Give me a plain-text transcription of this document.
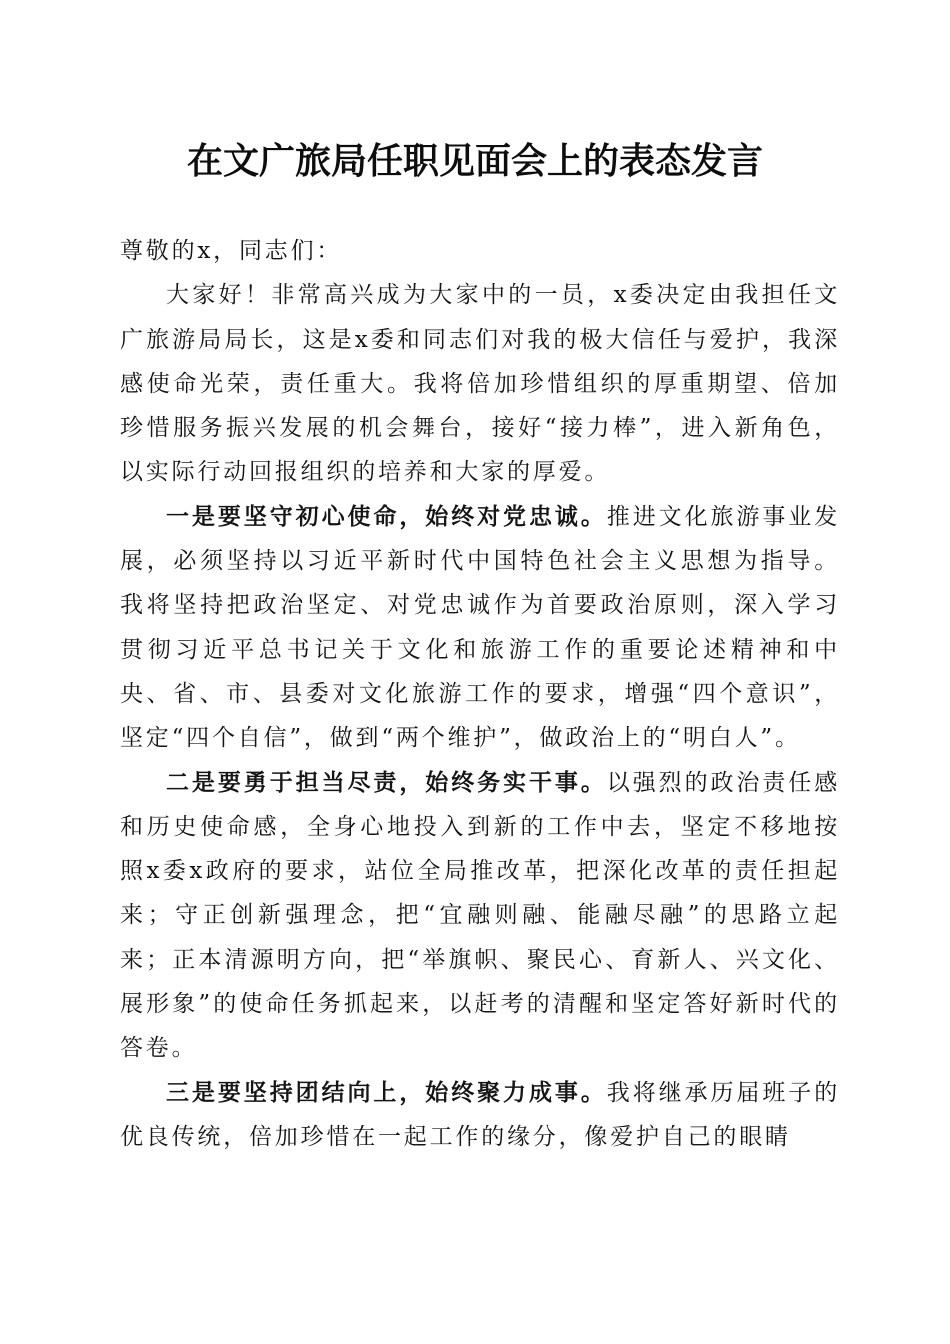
在文广旅局任职见面会上的表态发言

尊敬的x，同志们：

大家好！非常高兴成为大家中的一员，x委决定由我担任文广旅游局局长，这是x委和同志们对我的极大信任与爱护，我深感使命光荣，责任重大。我将倍加珍惜组织的厚重期望、倍加珍惜服务振兴发展的机会舞台，接好“接力棒”，进入新角色，以实际行动回报组织的培养和大家的厚爱。

一是要坚守初心使命，始终对党忠诚。推进文化旅游事业发展，必须坚持以习近平新时代中国特色社会主义思想为指导。我将坚持把政治坚定、对党忠诚作为首要政治原则，深入学习贯彻习近平总书记关于文化和旅游工作的重要论述精神和中央、省、市、县委对文化旅游工作的要求，增强“四个意识”，坚定“四个自信”，做到“两个维护”，做政治上的“明白人”。

二是要勇于担当尽责，始终务实干事。以强烈的政治责任感和历史使命感，全身心地投入到新的工作中去，坚定不移地按照x委x政府的要求，站位全局推改革，把深化改革的责任担起来；守正创新强理念，把“宜融则融、能融尽融”的思路立起来；正本清源明方向，把“举旗帜、聚民心、育新人、兴文化、展形象”的使命任务抓起来，以赶考的清醒和坚定答好新时代的答卷。

三是要坚持团结向上，始终聚力成事。我将继承历届班子的优良传统，倍加珍惜在一起工作的缘分，像爱护自己的眼睛
